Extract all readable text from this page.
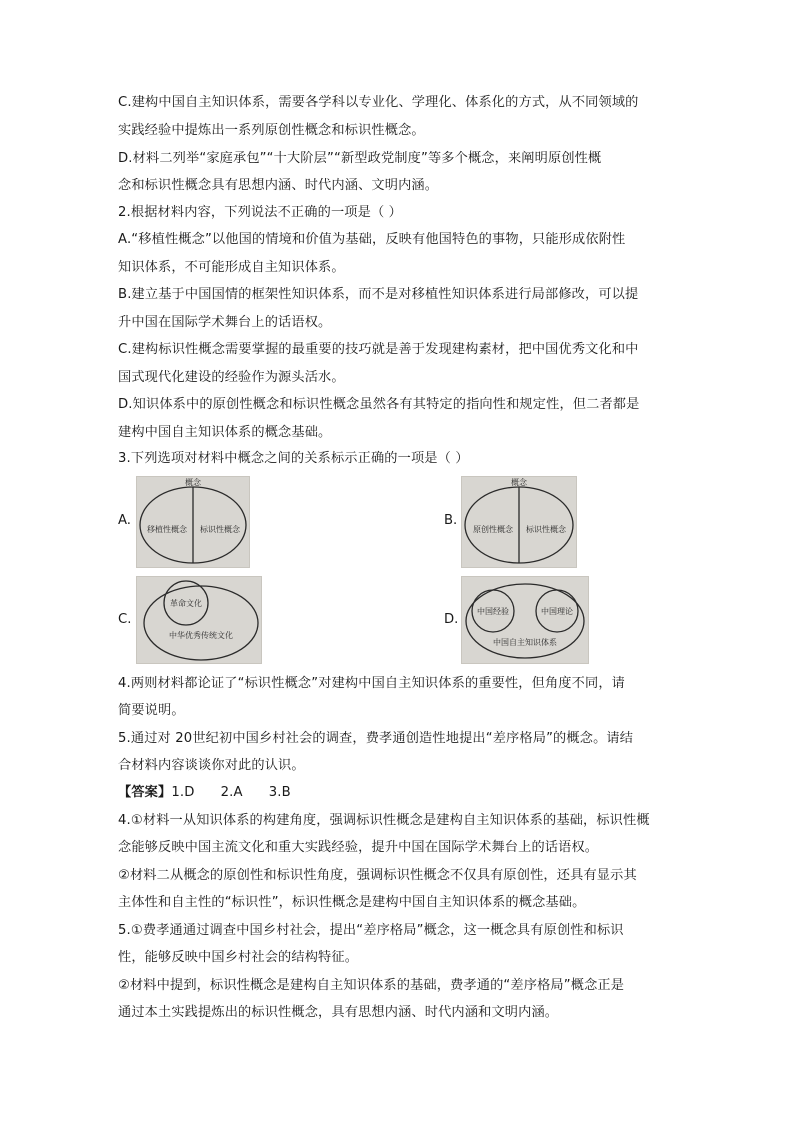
C.建构中国自主知识体系，需要各学科以专业化、学理化、体系化的方式，从不同领域的
实践经验中提炼出一系列原创性概念和标识性概念。
D.材料二列举“家庭承包”“十大阶层”“新型政党制度”等多个概念，来阐明原创性概
念和标识性概念具有思想内涵、时代内涵、文明内涵。
2.根据材料内容，下列说法不正确的一项是（ ）
A.“移植性概念”以他国的情境和价值为基础，反映有他国特色的事物，只能形成依附性
知识体系，不可能形成自主知识体系。
B.建立基于中国国情的框架性知识体系，而不是对移植性知识体系进行局部修改，可以提
升中国在国际学术舞台上的话语权。
C.建构标识性概念需要掌握的最重要的技巧就是善于发现建构素材，把中国优秀文化和中
国式现代化建设的经验作为源头活水。
D.知识体系中的原创性概念和标识性概念虽然各有其特定的指向性和规定性，但二者都是
建构中国自主知识体系的概念基础。
3.下列选项对材料中概念之间的关系标示正确的一项是（ ）
A.
概念
移植性概念 标识性概念
B.
概念
原创性概念 标识性概念
C.
革命文化
中华优秀传统文化
D.
中国经验	中国理论
中国自主知识体系
4.两则材料都论证了“标识性概念”对建构中国自主知识体系的重要性，但角度不同，请
简要说明。
5.通过对 20世纪初中国乡村社会的调查，费孝通创造性地提出“差序格局”的概念。请结
合材料内容谈谈你对此的认识。
【答案】1.D      2.A      3.B
4.①材料一从知识体系的构建角度，强调标识性概念是建构自主知识体系的基础，标识性概
念能够反映中国主流文化和重大实践经验，提升中国在国际学术舞台上的话语权。
②材料二从概念的原创性和标识性角度，强调标识性概念不仅具有原创性，还具有显示其
主体性和自主性的“标识性”，标识性概念是建构中国自主知识体系的概念基础。
5.①费孝通通过调查中国乡村社会，提出“差序格局”概念，这一概念具有原创性和标识
性，能够反映中国乡村社会的结构特征。
②材料中提到，标识性概念是建构自主知识体系的基础，费孝通的“差序格局”概念正是
通过本土实践提炼出的标识性概念，具有思想内涵、时代内涵和文明内涵。
